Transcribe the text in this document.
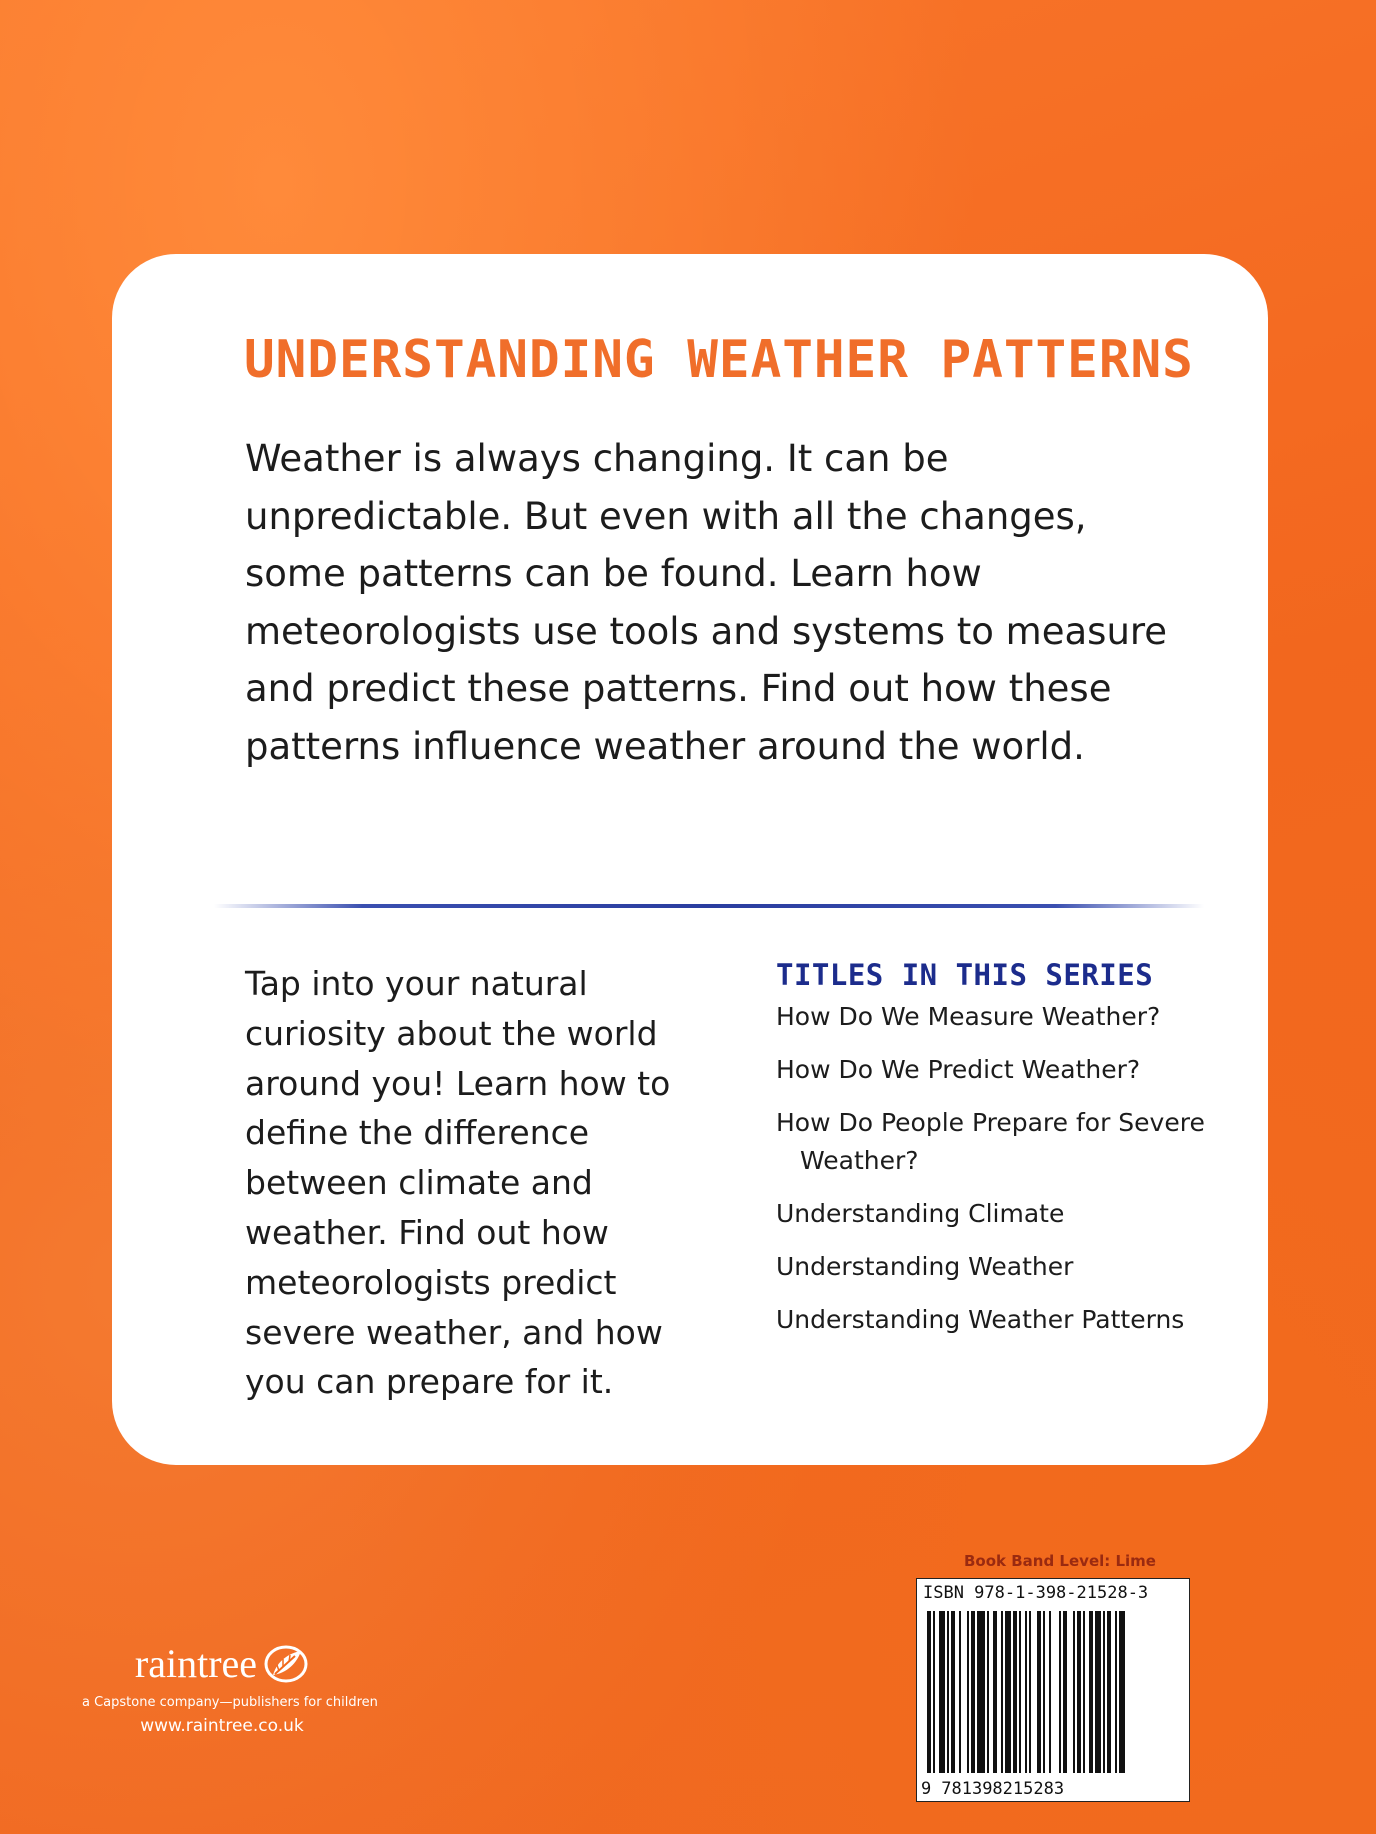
UNDERSTANDING WEATHER PATTERNS

Weather is always changing. It can be unpredictable. But even with all the changes, some patterns can be found. Learn how meteorologists use tools and systems to measure and predict these patterns. Find out how these patterns influence weather around the world.

Tap into your natural curiosity about the world around you! Learn how to define the difference between climate and weather. Find out how meteorologists predict severe weather, and how you can prepare for it.

TITLES IN THIS SERIES
How Do We Measure Weather?
How Do We Predict Weather?
How Do People Prepare for Severe Weather?
Understanding Climate
Understanding Weather
Understanding Weather Patterns
raintree
a Capstone company—publishers for children
www.raintree.co.uk
Book Band Level: Lime
ISBN 978-1-398-21528-3
9 781398215283
